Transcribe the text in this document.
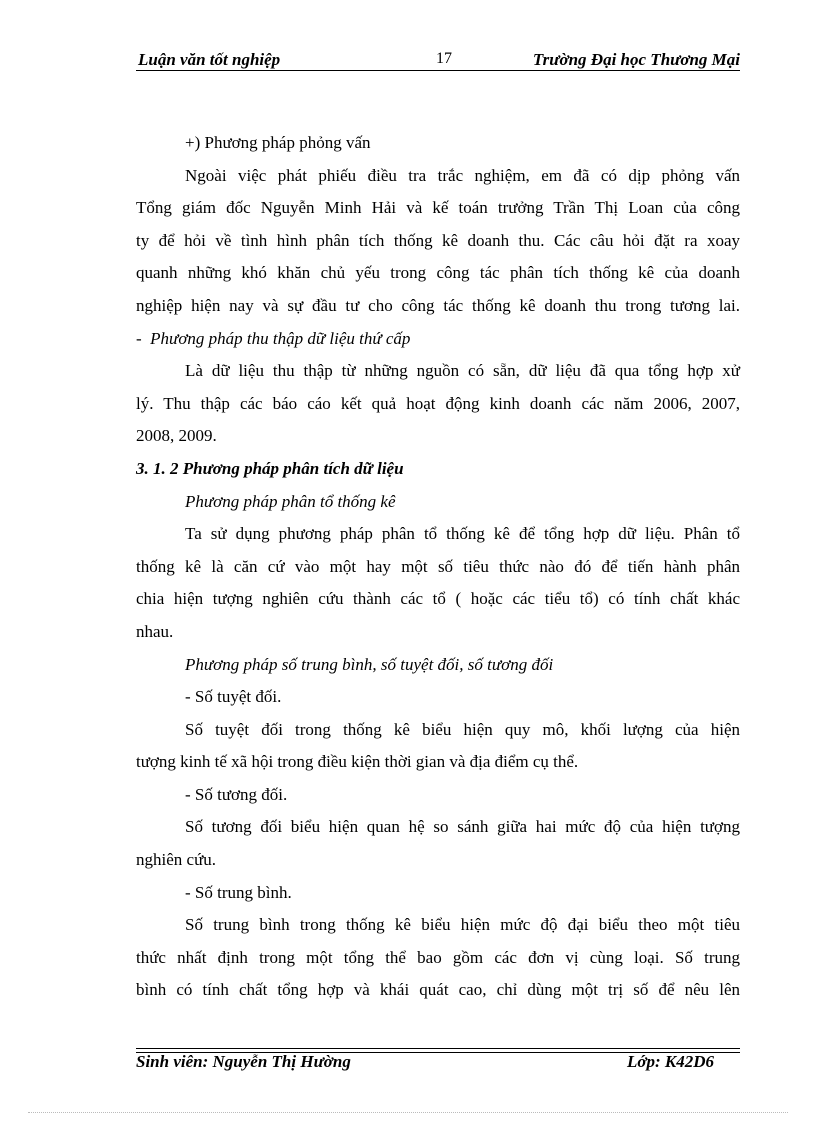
Luận văn tốt nghiệp	17	Trường Đại học Thương Mại
+) Phương pháp phỏng vấn
Ngoài việc phát phiếu điều tra trắc nghiệm, em đã có dịp phỏng vấn
Tổng giám đốc Nguyễn Minh Hải và kế toán trưởng Trần Thị Loan của công
ty để hỏi về tình hình phân tích thống kê doanh thu. Các câu hỏi đặt ra xoay
quanh những khó khăn chủ yếu trong công tác phân tích thống kê của doanh
nghiệp hiện nay và sự đầu tư cho công tác thống kê doanh thu trong tương lai.
- Phương pháp thu thập dữ liệu thứ cấp
Là dữ liệu thu thập từ những nguồn có sẵn, dữ liệu đã qua tổng hợp xử
lý. Thu thập các báo cáo kết quả hoạt động kinh doanh các năm 2006, 2007,
2008, 2009.
3. 1. 2 Phương pháp phân tích dữ liệu
Phương pháp phân tổ thống kê
Ta sử dụng phương pháp phân tổ thống kê để tổng hợp dữ liệu. Phân tổ
thống kê là căn cứ vào một hay một số tiêu thức nào đó để tiến hành phân
chia hiện tượng nghiên cứu thành các tổ ( hoặc các tiểu tổ) có tính chất khác
nhau.
Phương pháp số trung bình, số tuyệt đối, số tương đối
- Số tuyệt đối.
Số tuyệt đối trong thống kê biểu hiện quy mô, khối lượng của hiện
tượng kinh tế xã hội trong điều kiện thời gian và địa điểm cụ thể.
- Số tương đối.
Số tương đối biểu hiện quan hệ so sánh giữa hai mức độ của hiện tượng
nghiên cứu.
- Số trung bình.
Số trung bình trong thống kê biểu hiện mức độ đại biểu theo một tiêu
thức nhất định trong một tổng thể bao gồm các đơn vị cùng loại. Số trung
bình có tính chất tổng hợp và khái quát cao, chỉ dùng một trị số để nêu lên
Sinh viên: Nguyễn Thị Hường	Lớp: K42D6
